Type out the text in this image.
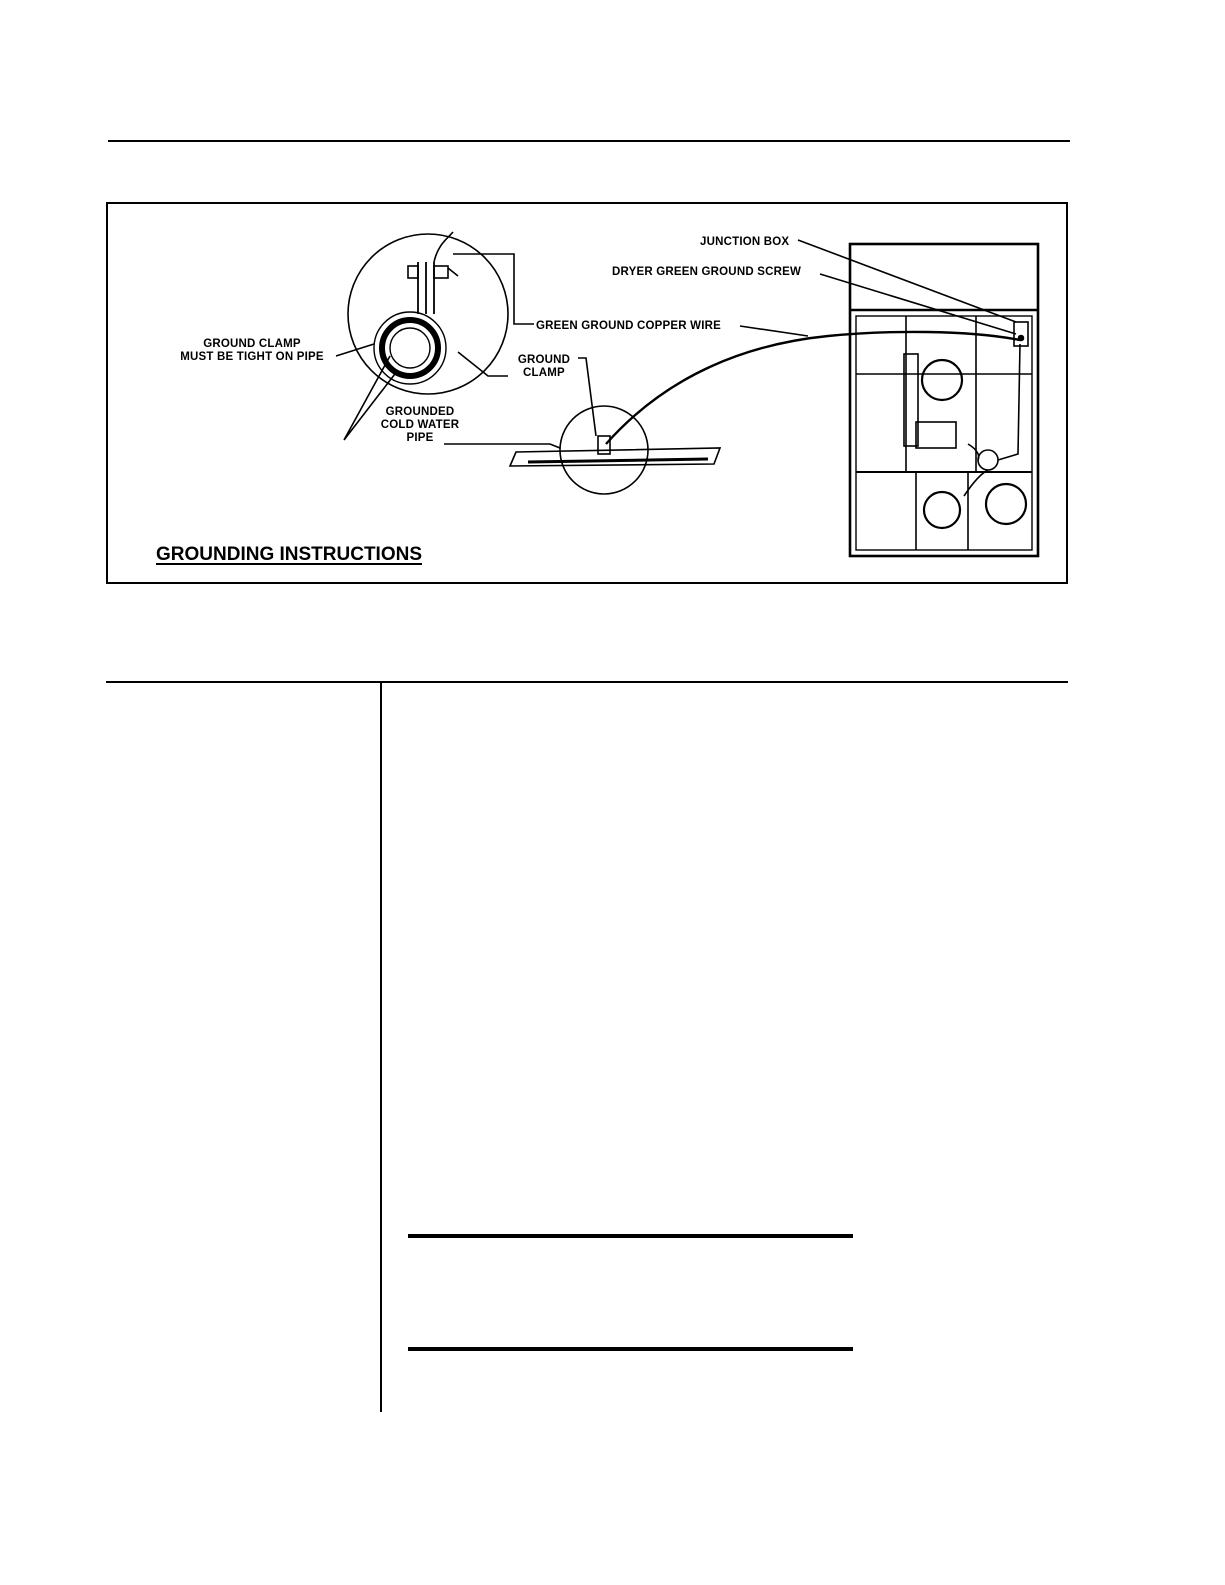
JUNCTION BOX
DRYER GREEN GROUND SCREW
GREEN GROUND COPPER WIRE
GROUND CLAMP
MUST BE TIGHT ON PIPE	GROUND
CLAMP
GROUNDED
COLD WATER
PIPE
GROUNDING INSTRUCTIONS
